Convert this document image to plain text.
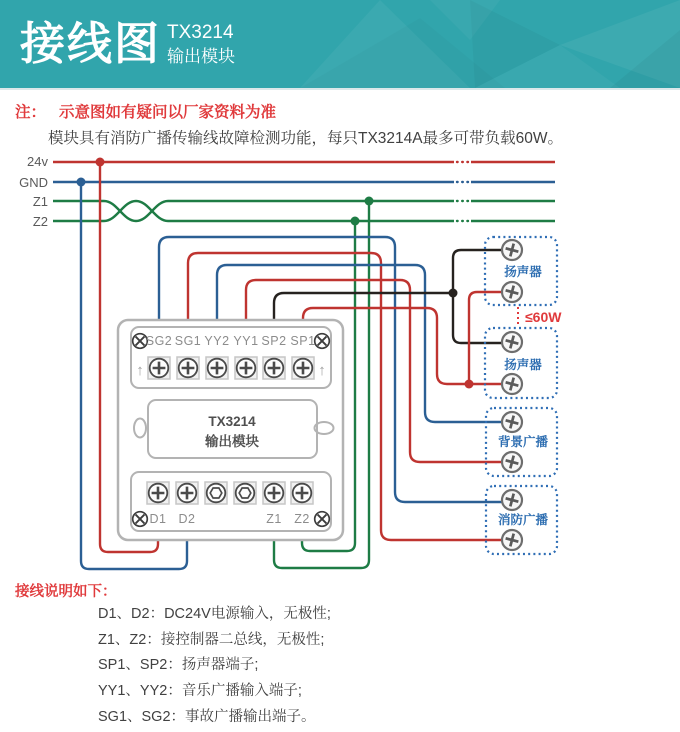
接线图 TX3214
输出模块
注： 示意图如有疑问以厂家资料为准
模块具有消防广播传输线故障检测功能，每只TX3214A最多可带负载60W。
24v
GND
Z1
Z2
SG2 SG1 YY2 YY1 SP2 SP1
↑	↑
TX3214
输出模块
D1 D2	Z1 Z2
扬声器
≤60W
扬声器
背景广播
消防广播
接线说明如下：
D1、D2：DC24V电源输入，无极性;
Z1、Z2：接控制器二总线，无极性;
SP1、SP2：扬声器端子;
YY1、YY2：音乐广播输入端子;
SG1、SG2：事故广播输出端子。
